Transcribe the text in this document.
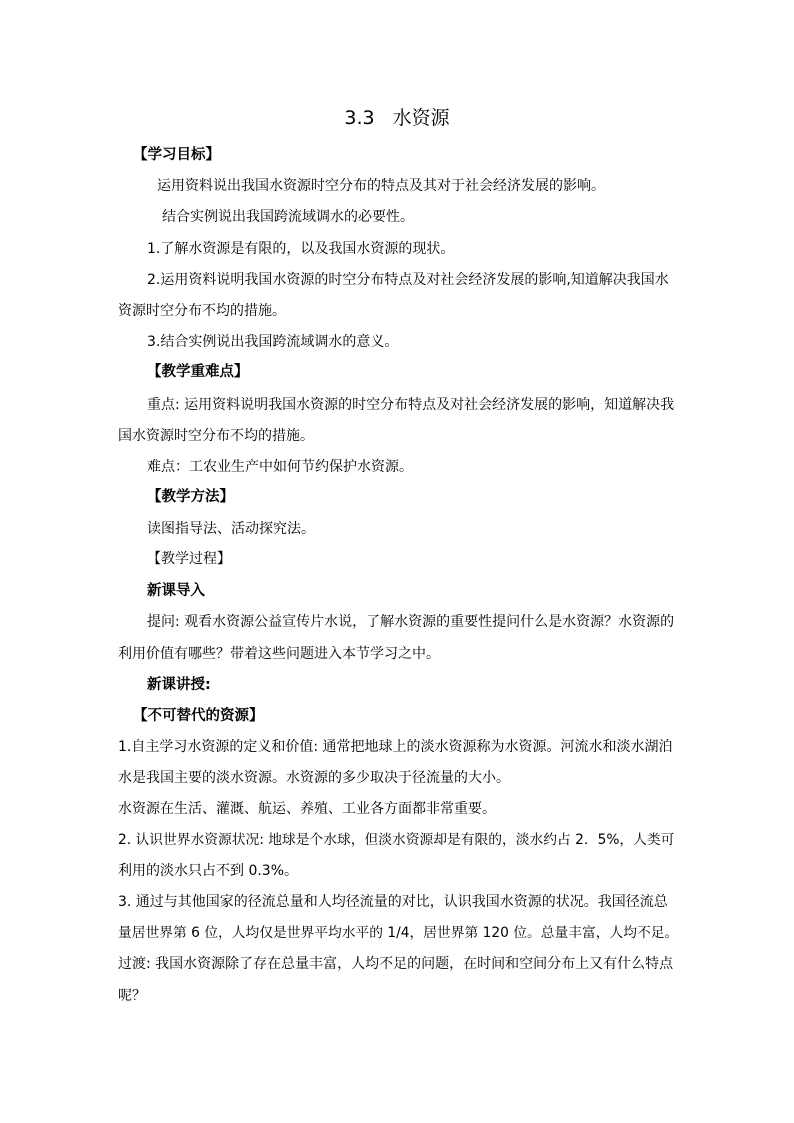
3.3 水资源
【学习目标】
运用资料说出我国水资源时空分布的特点及其对于社会经济发展的影响。
结合实例说出我国跨流域调水的必要性。
1.了解水资源是有限的，以及我国水资源的现状。
2.运用资料说明我国水资源的时空分布特点及对社会经济发展的影响,知道解决我国水
资源时空分布不均的措施。
3.结合实例说出我国跨流域调水的意义。
【教学重难点】
重点: 运用资料说明我国水资源的时空分布特点及对社会经济发展的影响，知道解决我
国水资源时空分布不均的措施。
难点：工农业生产中如何节约保护水资源。
【教学方法】
读图指导法、活动探究法。
【教学过程】
新课导入
提问: 观看水资源公益宣传片水说，了解水资源的重要性提问什么是水资源？水资源的
利用价值有哪些？带着这些问题进入本节学习之中。
新课讲授:
【不可替代的资源】
1.自主学习水资源的定义和价值: 通常把地球上的淡水资源称为水资源。河流水和淡水湖泊
水是我国主要的淡水资源。水资源的多少取决于径流量的大小。
水资源在生活、灌溉、航运、养殖、工业各方面都非常重要。
2. 认识世界水资源状况: 地球是个水球，但淡水资源却是有限的，淡水约占 2．5%，人类可
利用的淡水只占不到 0.3%。
3. 通过与其他国家的径流总量和人均径流量的对比，认识我国水资源的状况。我国径流总
量居世界第 6 位，人均仅是世界平均水平的 1/4，居世界第 120 位。总量丰富，人均不足。
过渡: 我国水资源除了存在总量丰富，人均不足的问题，在时间和空间分布上又有什么特点
呢？
